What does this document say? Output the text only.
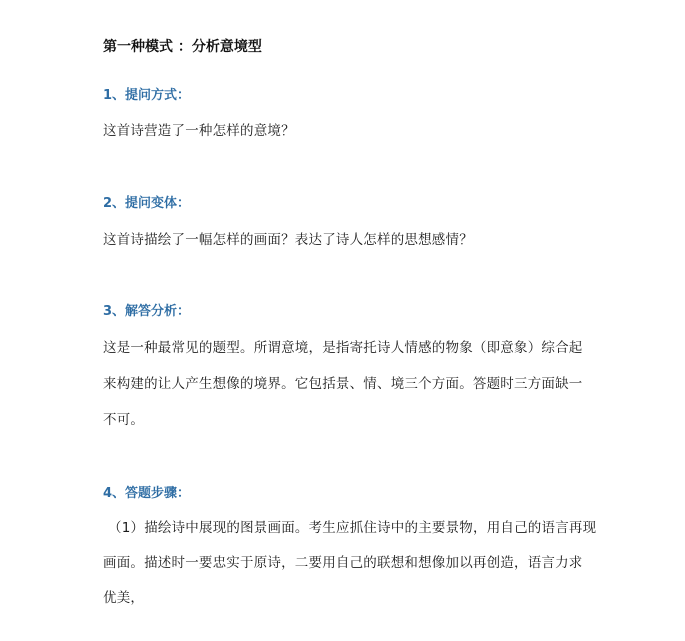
第一种模式 ：分析意境型
1、提问方式：
这首诗营造了一种怎样的意境？
2、提问变体：
这首诗描绘了一幅怎样的画面？表达了诗人怎样的思想感情？
3、解答分析：
这是一种最常见的题型。所谓意境，是指寄托诗人情感的物象（即意象）综合起
来构建的让人产生想像的境界。它包括景、情、境三个方面。答题时三方面缺一
不可。
4、答题步骤：
（1）描绘诗中展现的图景画面。考生应抓住诗中的主要景物，用自己的语言再现
画面。描述时一要忠实于原诗，二要用自己的联想和想像加以再创造，语言力求
优美，
